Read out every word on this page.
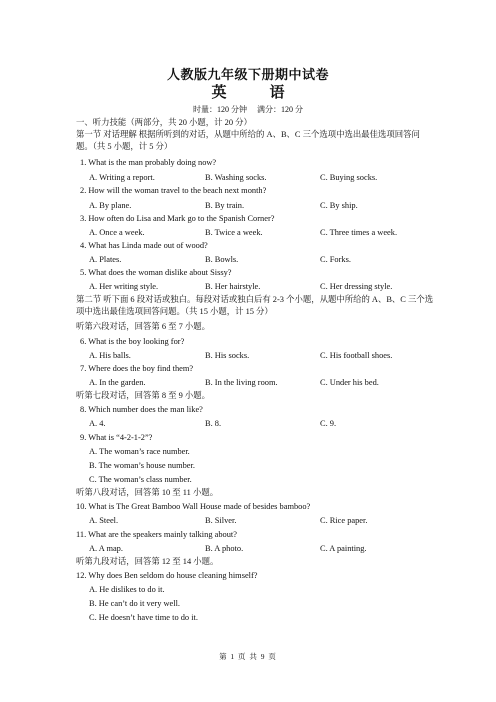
人教版九年级下册期中试卷
英　语
时量：120 分钟　 满分：120 分
一、听力技能（两部分，共 20 小题，计 20 分）
第一节 对话理解 根据所听到的对话，从题中所给的 A、B、C 三个选项中选出最佳选项回答问题。（共 5 小题，计 5 分）
1. What is the man probably doing now?
A. Writing a report.	B. Washing socks.	C. Buying socks.
2. How will the woman travel to the beach next month?
A. By plane.	B. By train.	C. By ship.
3. How often do Lisa and Mark go to the Spanish Corner?
A. Once a week.	B. Twice a week.	C. Three times a week.
4. What has Linda made out of wood?
A. Plates.	B. Bowls.	C. Forks.
5. What does the woman dislike about Sissy?
A. Her writing style.	B. Her hairstyle.	C. Her dressing style.
第二节 听下面 6 段对话或独白。每段对话或独白后有 2-3 个小题，从题中所给的 A、B、C 三个选项中选出最佳选项回答问题。（共 15 小题，计 15 分）
听第六段对话，回答第 6 至 7 小题。
6. What is the boy looking for?
A. His balls.	B. His socks.	C. His football shoes.
7. Where does the boy find them?
A. In the garden.	B. In the living room.	C. Under his bed.
听第七段对话，回答第 8 至 9 小题。
8. Which number does the man like?
A. 4.	B. 8.	C. 9.
9. What is “4-2-1-2”?
A. The woman’s race number.
B. The woman’s house number.
C. The woman’s class number.
听第八段对话，回答第 10 至 11 小题。
10. What is The Great Bamboo Wall House made of besides bamboo?
A. Steel.	B. Silver.	C. Rice paper.
11. What are the speakers mainly talking about?
A. A map.	B. A photo.	C. A painting.
听第九段对话，回答第 12 至 14 小题。
12. Why does Ben seldom do house cleaning himself?
A. He dislikes to do it.
B. He can’t do it very well.
C. He doesn’t have time to do it.
第 1 页 共 9 页
